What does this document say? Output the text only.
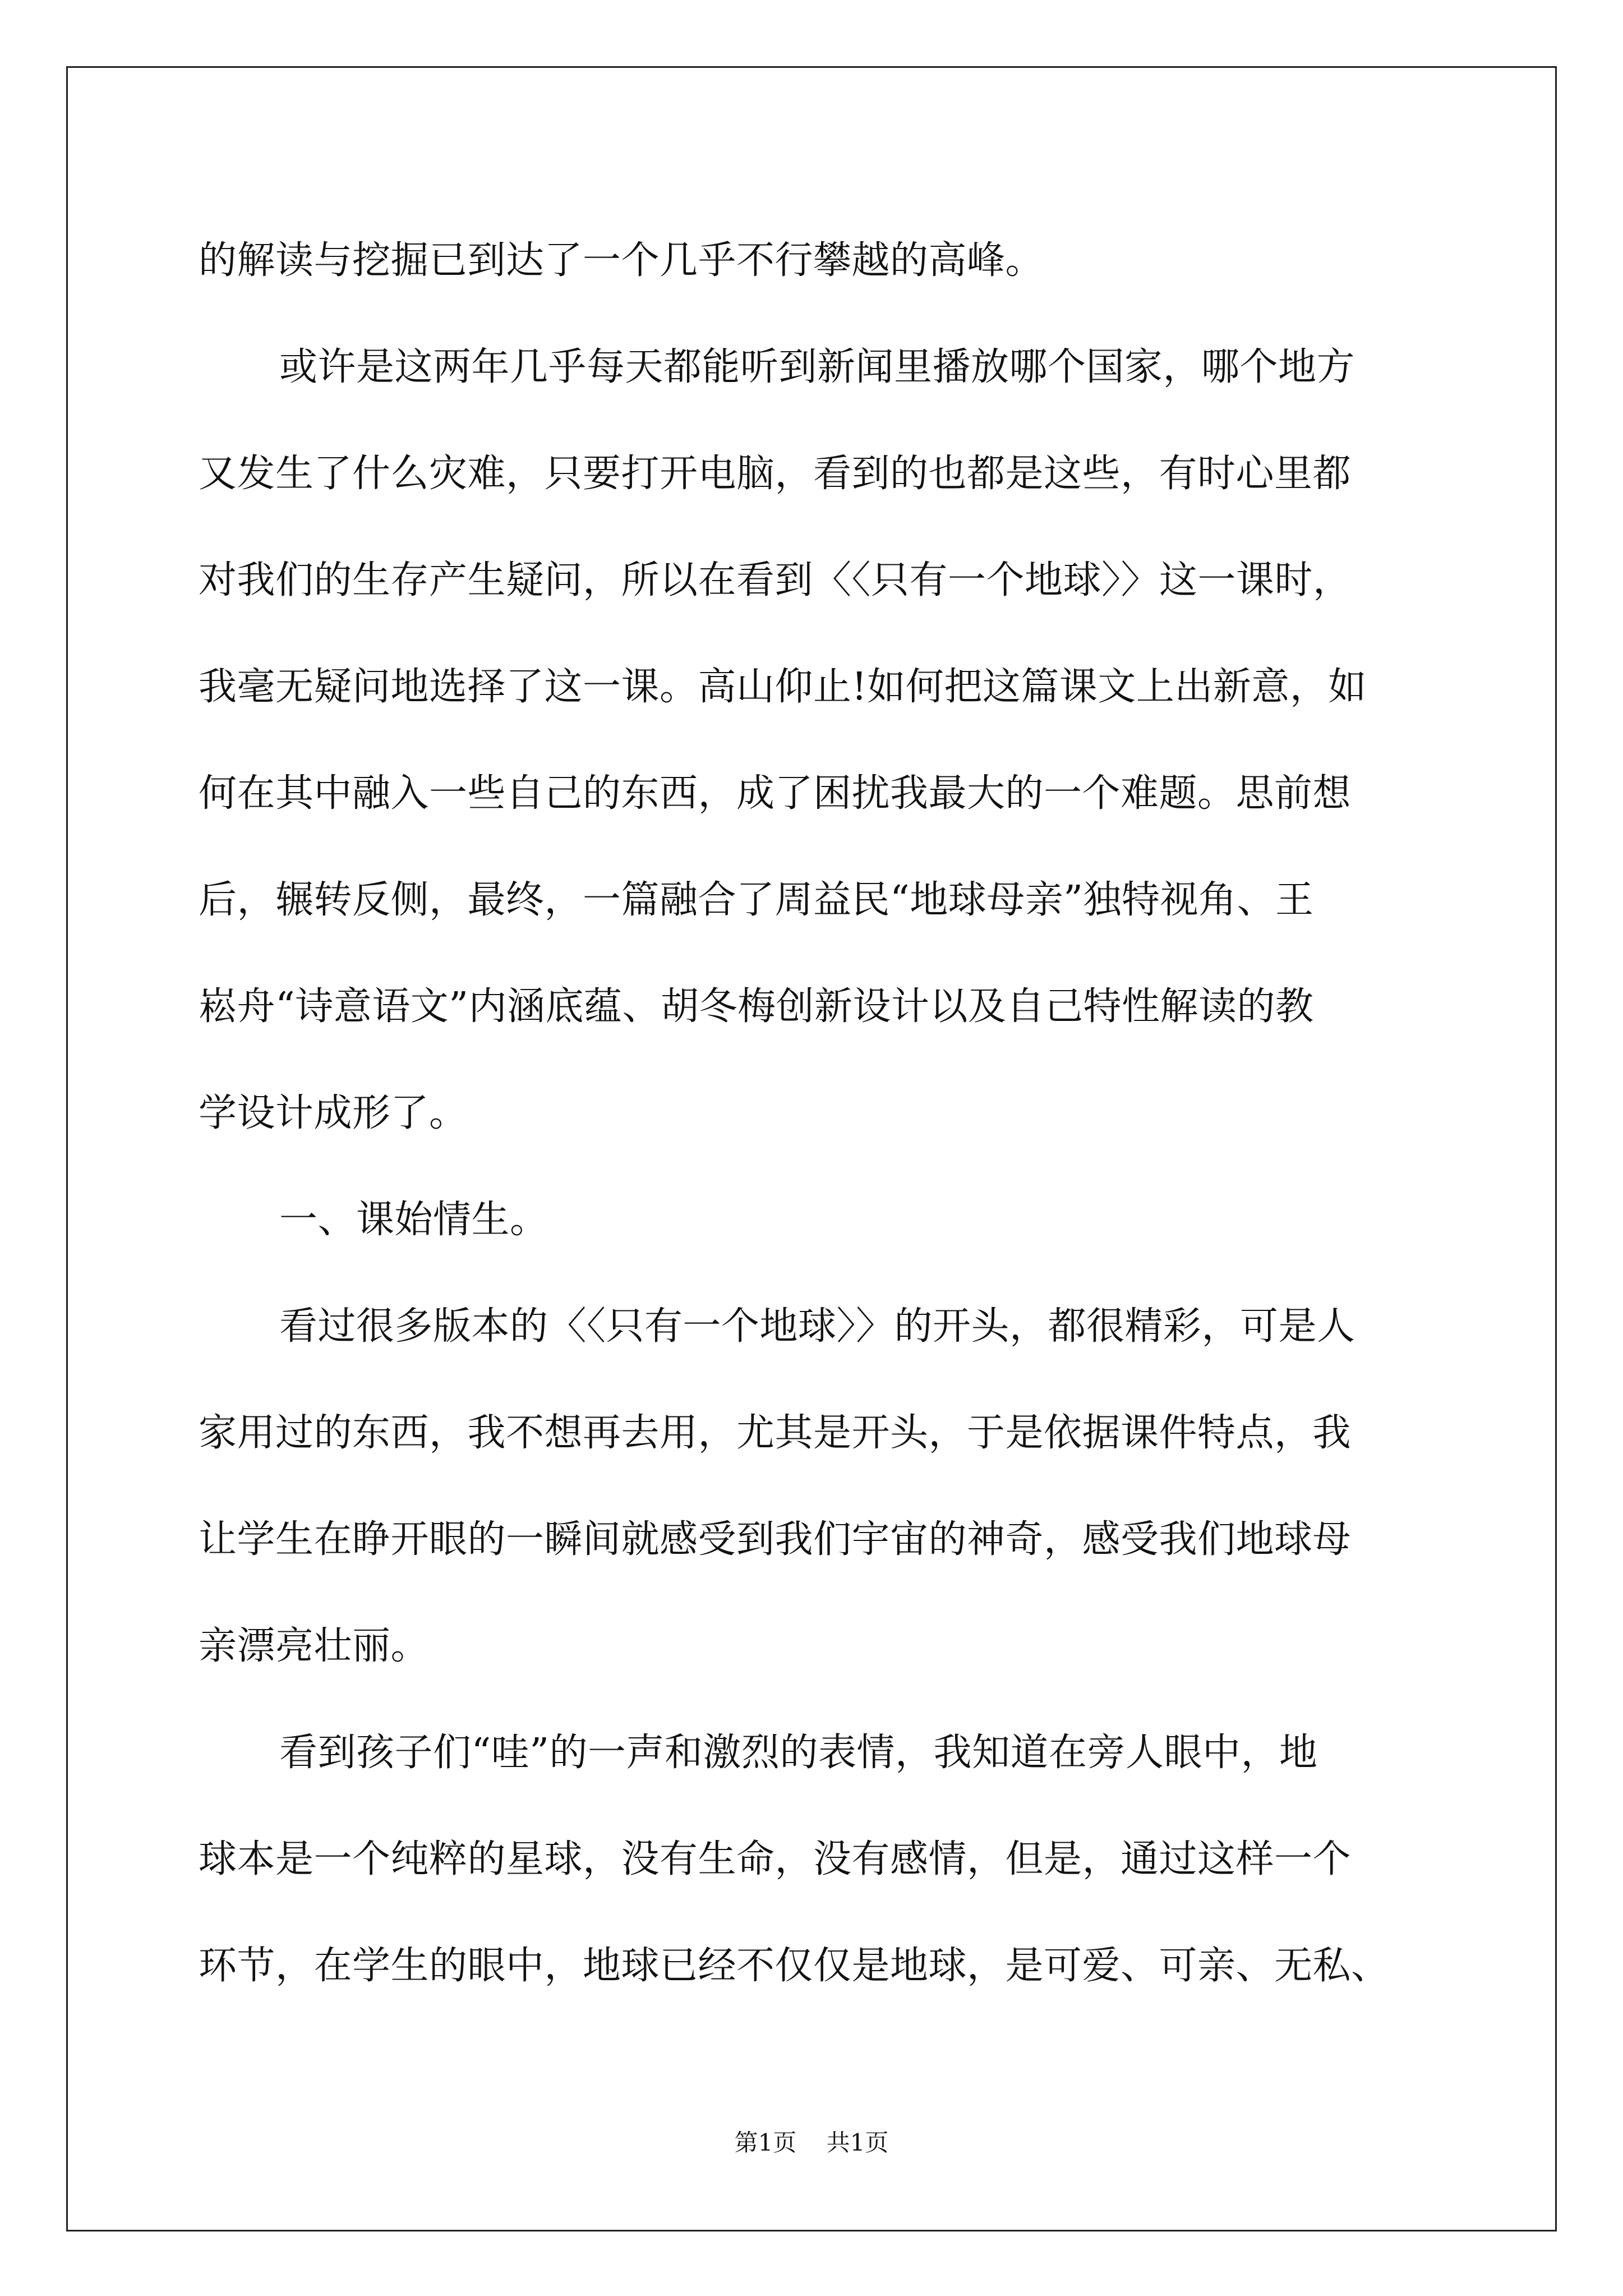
的解读与挖掘已到达了一个几乎不行攀越的高峰。
或许是这两年几乎每天都能听到新闻里播放哪个国家，哪个地方
又发生了什么灾难，只要打开电脑，看到的也都是这些，有时心里都
对我们的生存产生疑问，所以在看到〈〈只有一个地球〉〉这一课时，
我毫无疑问地选择了这一课。高山仰止!如何把这篇课文上出新意，如
何在其中融入一些自己的东西，成了困扰我最大的一个难题。思前想
后，辗转反侧，最终，一篇融合了周益民“地球母亲”独特视角、王
崧舟“诗意语文”内涵底蕴、胡冬梅创新设计以及自己特性解读的教
学设计成形了。
一、课始情生。
看过很多版本的〈〈只有一个地球〉〉的开头，都很精彩，可是人
家用过的东西，我不想再去用，尤其是开头，于是依据课件特点，我
让学生在睁开眼的一瞬间就感受到我们宇宙的神奇，感受我们地球母
亲漂亮壮丽。
看到孩子们“哇”的一声和激烈的表情，我知道在旁人眼中，地
球本是一个纯粹的星球，没有生命，没有感情，但是，通过这样一个
环节，在学生的眼中，地球已经不仅仅是地球，是可爱、可亲、无私、
第1页 共1页
